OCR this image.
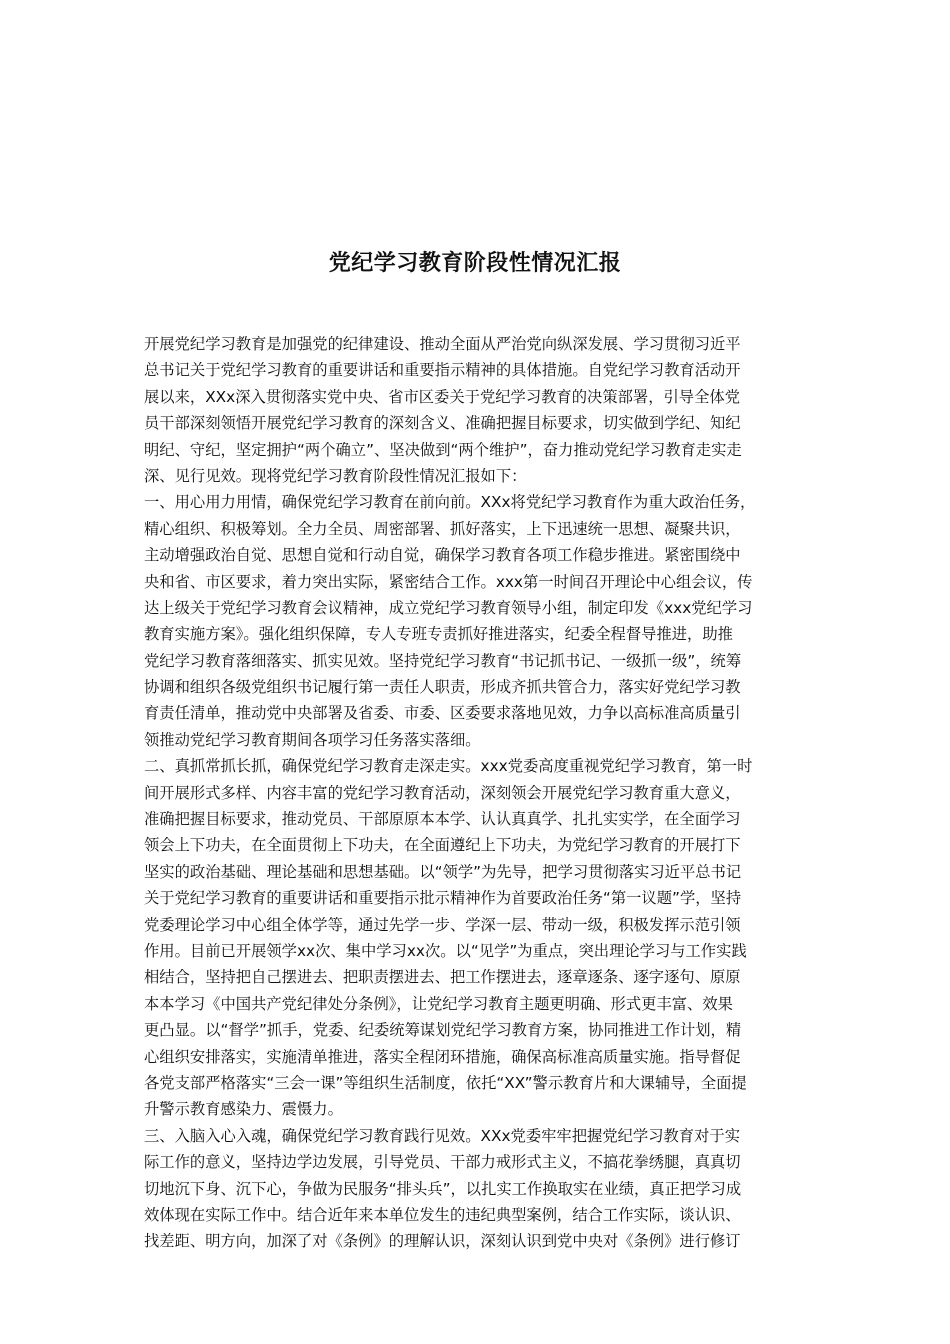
党纪学习教育阶段性情况汇报
开展党纪学习教育是加强党的纪律建设、推动全面从严治党向纵深发展、学习贯彻习近平
总书记关于党纪学习教育的重要讲话和重要指示精神的具体措施。自党纪学习教育活动开
展以来，XXx深入贯彻落实党中央、省市区委关于党纪学习教育的决策部署，引导全体党
员干部深刻领悟开展党纪学习教育的深刻含义、准确把握目标要求，切实做到学纪、知纪
明纪、守纪，坚定拥护“两个确立”、坚决做到“两个维护”，奋力推动党纪学习教育走实走
深、见行见效。现将党纪学习教育阶段性情况汇报如下：
一、用心用力用情，确保党纪学习教育在前向前。XXx将党纪学习教育作为重大政治任务，
精心组织、积极筹划。全力全员、周密部署、抓好落实，上下迅速统一思想、凝聚共识，
主动增强政治自觉、思想自觉和行动自觉，确保学习教育各项工作稳步推进。紧密围绕中
央和省、市区要求，着力突出实际，紧密结合工作。xxx第一时间召开理论中心组会议，传
达上级关于党纪学习教育会议精神，成立党纪学习教育领导小组，制定印发《xxx党纪学习
教育实施方案》。强化组织保障，专人专班专责抓好推进落实，纪委全程督导推进，助推
党纪学习教育落细落实、抓实见效。坚持党纪学习教育“书记抓书记、一级抓一级”，统筹
协调和组织各级党组织书记履行第一责任人职责，形成齐抓共管合力，落实好党纪学习教
育责任清单，推动党中央部署及省委、市委、区委要求落地见效，力争以高标准高质量引
领推动党纪学习教育期间各项学习任务落实落细。
二、真抓常抓长抓，确保党纪学习教育走深走实。xxx党委高度重视党纪学习教育，第一时
间开展形式多样、内容丰富的党纪学习教育活动，深刻领会开展党纪学习教育重大意义，
准确把握目标要求，推动党员、干部原原本本学、认认真真学、扎扎实实学，在全面学习
领会上下功夫，在全面贯彻上下功夫，在全面遵纪上下功夫，为党纪学习教育的开展打下
坚实的政治基础、理论基础和思想基础。以“领学”为先导，把学习贯彻落实习近平总书记
关于党纪学习教育的重要讲话和重要指示批示精神作为首要政治任务“第一议题”学，坚持
党委理论学习中心组全体学等，通过先学一步、学深一层、带动一级，积极发挥示范引领
作用。目前已开展领学xx次、集中学习xx次。以“见学”为重点，突出理论学习与工作实践
相结合，坚持把自己摆进去、把职责摆进去、把工作摆进去，逐章逐条、逐字逐句、原原
本本学习《中国共产党纪律处分条例》，让党纪学习教育主题更明确、形式更丰富、效果
更凸显。以“督学”抓手，党委、纪委统筹谋划党纪学习教育方案，协同推进工作计划，精
心组织安排落实，实施清单推进，落实全程闭环措施，确保高标准高质量实施。指导督促
各党支部严格落实“三会一课”等组织生活制度，依托“XX”警示教育片和大课辅导，全面提
升警示教育感染力、震慑力。
三、入脑入心入魂，确保党纪学习教育践行见效。XXx党委牢牢把握党纪学习教育对于实
际工作的意义，坚持边学边发展，引导党员、干部力戒形式主义，不搞花拳绣腿，真真切
切地沉下身、沉下心，争做为民服务“排头兵”，以扎实工作换取实在业绩，真正把学习成
效体现在实际工作中。结合近年来本单位发生的违纪典型案例，结合工作实际，谈认识、
找差距、明方向，加深了对《条例》的理解认识，深刻认识到党中央对《条例》进行修订
